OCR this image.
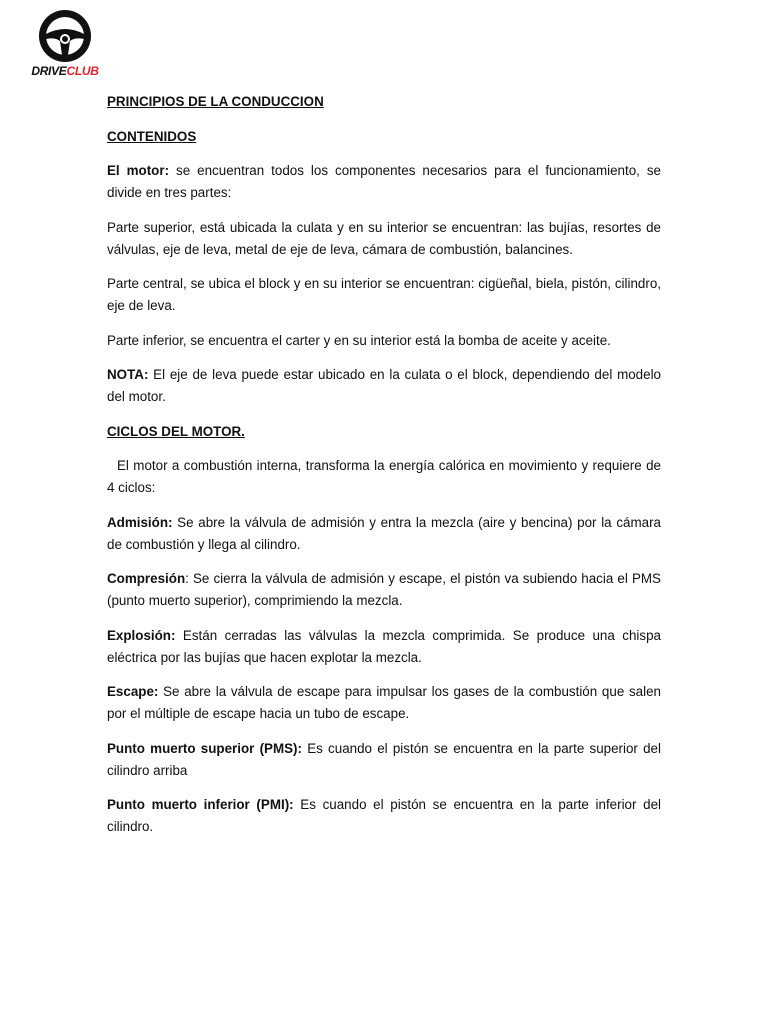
DRIVECLUB

PRINCIPIOS DE LA CONDUCCION

CONTENIDOS

El motor: se encuentran todos los componentes necesarios para el funcionamiento, se divide en tres partes:

Parte superior, está ubicada la culata y en su interior se encuentran: las bujías, resortes de válvulas, eje de leva, metal de eje de leva, cámara de combustión, balancines.

Parte central, se ubica el block y en su interior se encuentran: cigüeñal, biela, pistón, cilindro, eje de leva.

Parte inferior, se encuentra el carter y en su interior está la bomba de aceite y aceite.

NOTA: El eje de leva puede estar ubicado en la culata o el block, dependiendo del modelo del motor.

CICLOS DEL MOTOR.

El motor a combustión interna, transforma la energía calórica en movimiento y requiere de 4 ciclos:

Admisión: Se abre la válvula de admisión y entra la mezcla (aire y bencina) por la cámara de combustión y llega al cilindro.

Compresión: Se cierra la válvula de admisión y escape, el pistón va subiendo hacia el PMS (punto muerto superior), comprimiendo la mezcla.

Explosión: Están cerradas las válvulas la mezcla comprimida. Se produce una chispa eléctrica por las bujías que hacen explotar la mezcla.

Escape: Se abre la válvula de escape para impulsar los gases de la combustión que salen por el múltiple de escape hacia un tubo de escape.

Punto muerto superior (PMS): Es cuando el pistón se encuentra en la parte superior del cilindro arriba

Punto muerto inferior (PMI): Es cuando el pistón se encuentra en la parte inferior del cilindro.
